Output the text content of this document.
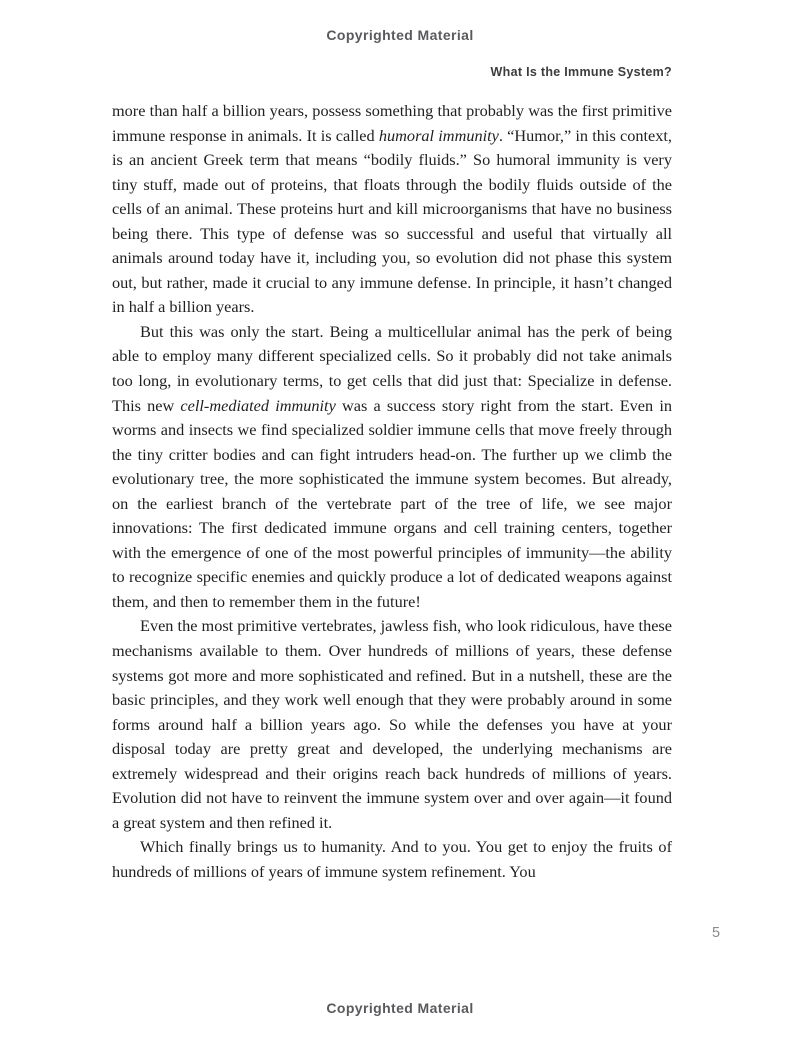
Copyrighted Material
What Is the Immune System?

more than half a billion years, possess something that probably was the first primitive immune response in animals. It is called humoral immunity. “Humor,” in this context, is an ancient Greek term that means “bodily fluids.” So humoral immunity is very tiny stuff, made out of proteins, that floats through the bodily fluids outside of the cells of an animal. These proteins hurt and kill microorganisms that have no business being there. This type of defense was so successful and useful that virtually all animals around today have it, including you, so evolution did not phase this system out, but rather, made it crucial to any immune defense. In principle, it hasn’t changed in half a billion years.

But this was only the start. Being a multicellular animal has the perk of being able to employ many different specialized cells. So it probably did not take animals too long, in evolutionary terms, to get cells that did just that: Specialize in defense. This new cell-mediated immunity was a success story right from the start. Even in worms and insects we find specialized soldier immune cells that move freely through the tiny critter bodies and can fight intruders head-on. The further up we climb the evolutionary tree, the more sophisticated the immune system becomes. But already, on the earliest branch of the vertebrate part of the tree of life, we see major innovations: The first dedicated immune organs and cell training centers, together with the emergence of one of the most powerful principles of immunity—the ability to recognize specific enemies and quickly produce a lot of dedicated weapons against them, and then to remember them in the future!

Even the most primitive vertebrates, jawless fish, who look ridiculous, have these mechanisms available to them. Over hundreds of millions of years, these defense systems got more and more sophisticated and refined. But in a nutshell, these are the basic principles, and they work well enough that they were probably around in some forms around half a billion years ago. So while the defenses you have at your disposal today are pretty great and developed, the underlying mechanisms are extremely widespread and their origins reach back hundreds of millions of years. Evolution did not have to reinvent the immune system over and over again—it found a great system and then refined it.

Which finally brings us to humanity. And to you. You get to enjoy the fruits of hundreds of millions of years of immune system refinement. You

5
Copyrighted Material
